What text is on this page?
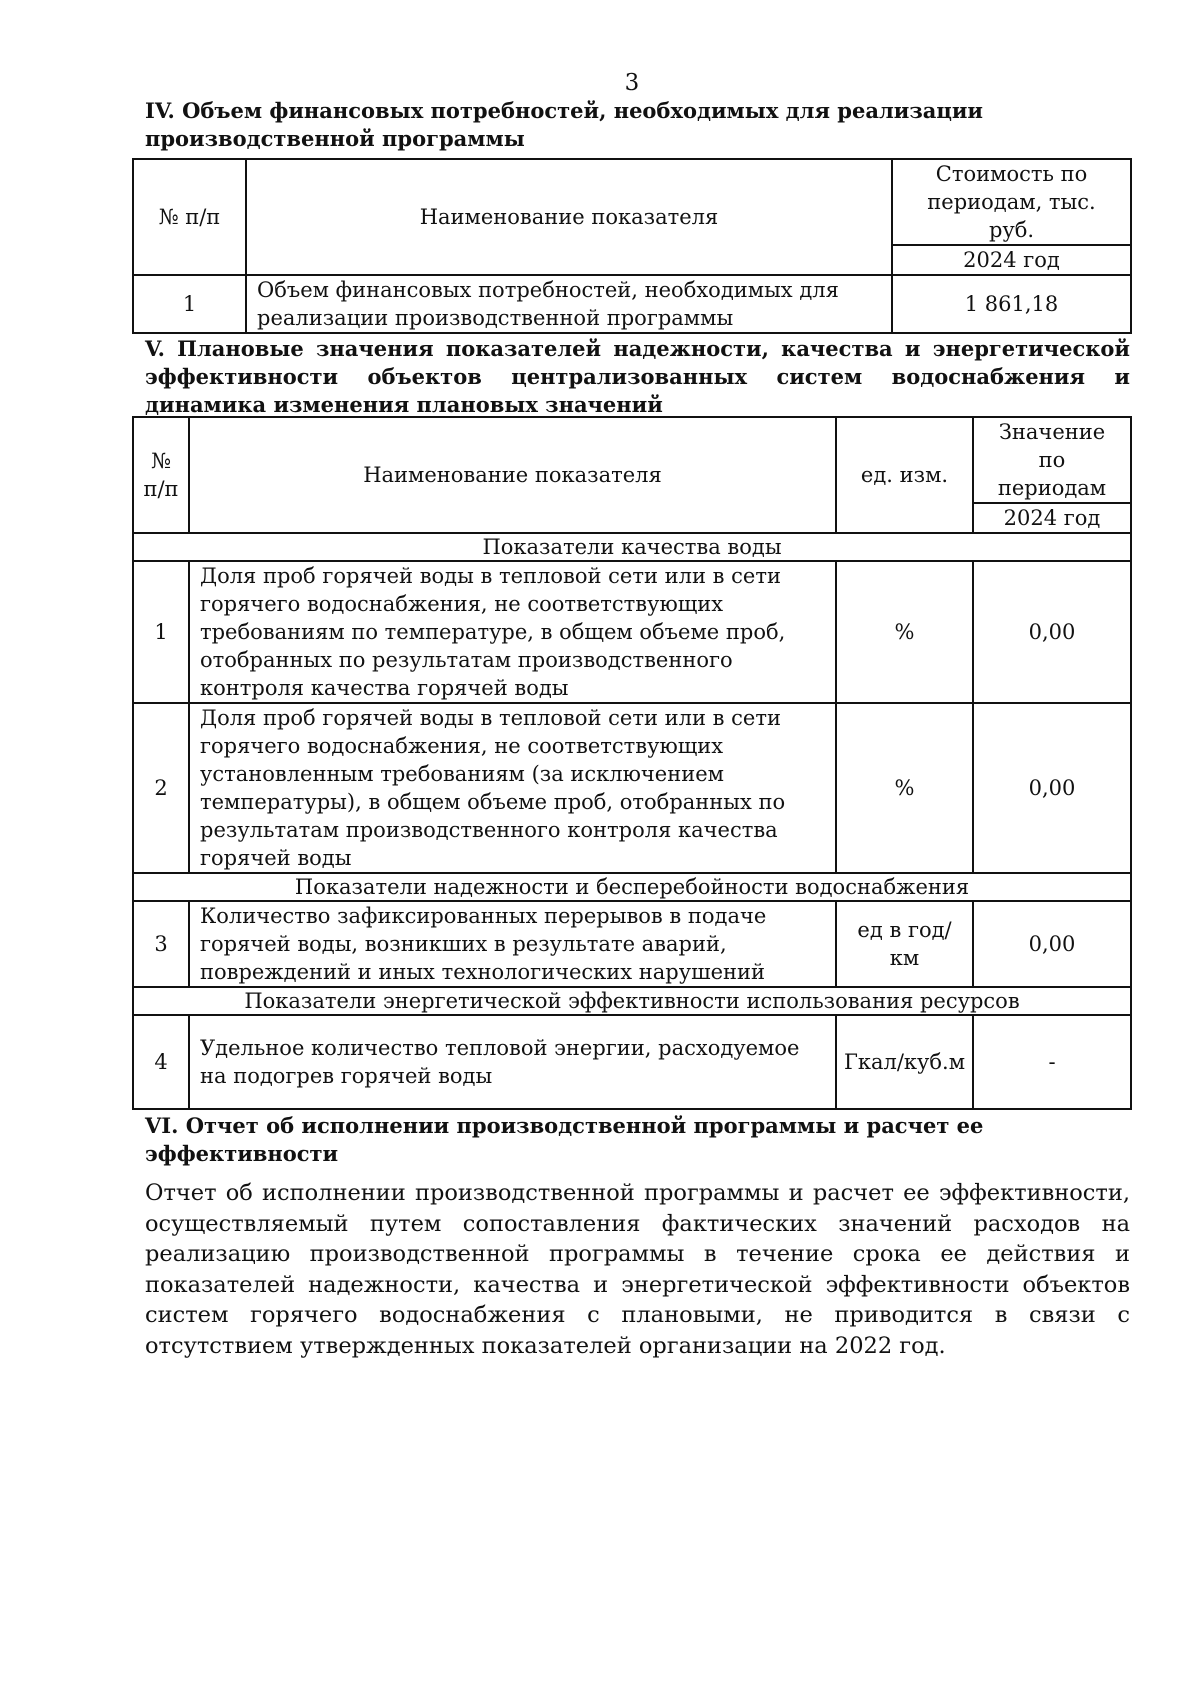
3

IV. Объем финансовых потребностей, необходимых для реализации производственной программы

№ п/п	Наименование показателя	Стоимость по периодам, тыс. руб.
		2024 год
1	Объем финансовых потребностей, необходимых для реализации производственной программы	1 861,18

V. Плановые значения показателей надежности, качества и энергетической эффективности объектов централизованных систем водоснабжения и динамика изменения плановых значений

№ п/п	Наименование показателя	ед. изм.	Значение по периодам
			2024 год
Показатели качества воды			
1	Доля проб горячей воды в тепловой сети или в сети горячего водоснабжения, не соответствующих требованиям по температуре, в общем объеме проб, отобранных по результатам производственного контроля качества горячей воды	%	0,00
2	Доля проб горячей воды в тепловой сети или в сети горячего водоснабжения, не соответствующих установленным требованиям (за исключением температуры), в общем объеме проб, отобранных по результатам производственного контроля качества горячей воды	%	0,00
Показатели надежности и бесперебойности водоснабжения			
3	Количество зафиксированных перерывов в подаче горячей воды, возникших в результате аварий, повреждений и иных технологических нарушений	ед в год/ км	0,00
Показатели энергетической эффективности использования ресурсов			
4	Удельное количество тепловой энергии, расходуемое на подогрев горячей воды	Гкал/куб.м	-

VI. Отчет об исполнении производственной программы и расчет ее эффективности

Отчет об исполнении производственной программы и расчет ее эффективности, осуществляемый путем сопоставления фактических значений расходов на реализацию производственной программы в течение срока ее действия и показателей надежности, качества и энергетической эффективности объектов систем горячего водоснабжения с плановыми, не приводится в связи с отсутствием утвержденных показателей организации на 2022 год.
